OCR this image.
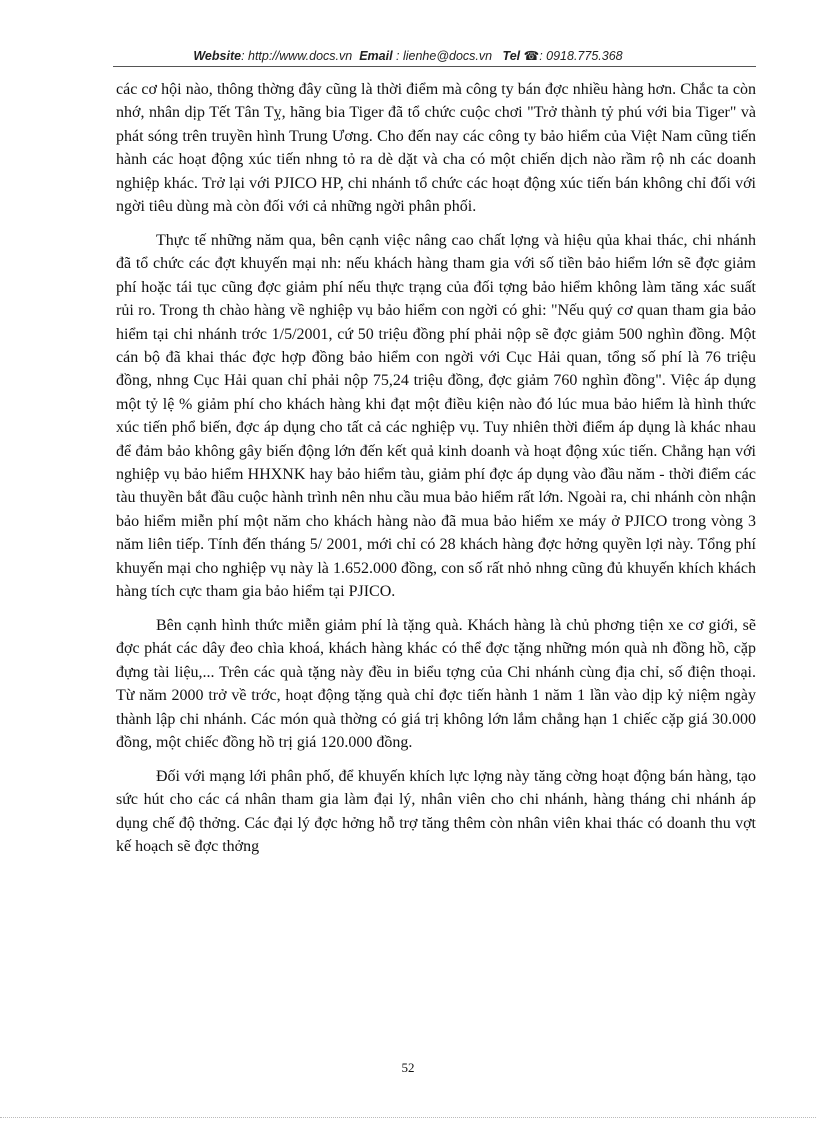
Website: http://www.docs.vn Email : lienhe@docs.vn Tel ☎: 0918.775.368

các cơ hội nào, thông thờng đây cũng là thời điểm mà công ty bán đợc nhiều hàng hơn. Chắc ta còn nhớ, nhân dịp Tết Tân Tỵ, hãng bia Tiger đã tổ chức cuộc chơi "Trở thành tỷ phú với bia Tiger" và phát sóng trên truyền hình Trung Ương. Cho đến nay các công ty bảo hiểm của Việt Nam cũng tiến hành các hoạt động xúc tiến nhng tỏ ra dè dặt và cha có một chiến dịch nào rầm rộ nh các doanh nghiệp khác. Trở lại với PJICO HP, chi nhánh tổ chức các hoạt động xúc tiến bán không chỉ đối với ngời tiêu dùng mà còn đối với cả những ngời phân phối.

Thực tế những năm qua, bên cạnh việc nâng cao chất lợng và hiệu qủa khai thác, chi nhánh đã tổ chức các đợt khuyến mại nh: nếu khách hàng tham gia với số tiền bảo hiểm lớn sẽ đợc giảm phí hoặc tái tục cũng đợc giảm phí nếu thực trạng của đối tợng bảo hiểm không làm tăng xác suất rủi ro. Trong th chào hàng về nghiệp vụ bảo hiểm con ngời có ghi: "Nếu quý cơ quan tham gia bảo hiểm tại chi nhánh trớc 1/5/2001, cứ 50 triệu đồng phí phải nộp sẽ đợc giảm 500 nghìn đồng. Một cán bộ đã khai thác đợc hợp đồng bảo hiểm con ngời với Cục Hải quan, tổng số phí là 76 triệu đồng, nhng Cục Hải quan chỉ phải nộp 75,24 triệu đồng, đợc giảm 760 nghìn đồng". Việc áp dụng một tỷ lệ % giảm phí cho khách hàng khi đạt một điều kiện nào đó lúc mua bảo hiểm là hình thức xúc tiến phổ biến, đợc áp dụng cho tất cả các nghiệp vụ. Tuy nhiên thời điểm áp dụng là khác nhau để đảm bảo không gây biến động lớn đến kết quả kinh doanh và hoạt động xúc tiến. Chẳng hạn với nghiệp vụ bảo hiểm HHXNK hay bảo hiểm tàu, giảm phí đợc áp dụng vào đầu năm - thời điểm các tàu thuyền bắt đầu cuộc hành trình nên nhu cầu mua bảo hiểm rất lớn. Ngoài ra, chi nhánh còn nhận bảo hiểm miễn phí một năm cho khách hàng nào đã mua bảo hiểm xe máy ở PJICO trong vòng 3 năm liên tiếp. Tính đến tháng 5/ 2001, mới chỉ có 28 khách hàng đợc hởng quyền lợi này. Tổng phí khuyến mại cho nghiệp vụ này là 1.652.000 đồng, con số rất nhỏ nhng cũng đủ khuyến khích khách hàng tích cực tham gia bảo hiểm tại PJICO.

Bên cạnh hình thức miễn giảm phí là tặng quà. Khách hàng là chủ phơng tiện xe cơ giới, sẽ đợc phát các dây đeo chìa khoá, khách hàng khác có thể đợc tặng những món quà nh đồng hồ, cặp đựng tài liệu,... Trên các quà tặng này đều in biểu tợng của Chi nhánh cùng địa chỉ, số điện thoại. Từ năm 2000 trở về trớc, hoạt động tặng quà chỉ đợc tiến hành 1 năm 1 lần vào dịp kỷ niệm ngày thành lập chi nhánh. Các món quà thờng có giá trị không lớn lắm chẳng hạn 1 chiếc cặp giá 30.000 đồng, một chiếc đồng hồ trị giá 120.000 đồng.

Đối với mạng lới phân phố, để khuyến khích lực lợng này tăng cờng hoạt động bán hàng, tạo sức hút cho các cá nhân tham gia làm đại lý, nhân viên cho chi nhánh, hàng tháng chi nhánh áp dụng chế độ thởng. Các đại lý đợc hởng hỗ trợ tăng thêm còn nhân viên khai thác có doanh thu vợt kế hoạch sẽ đợc thởng

52
